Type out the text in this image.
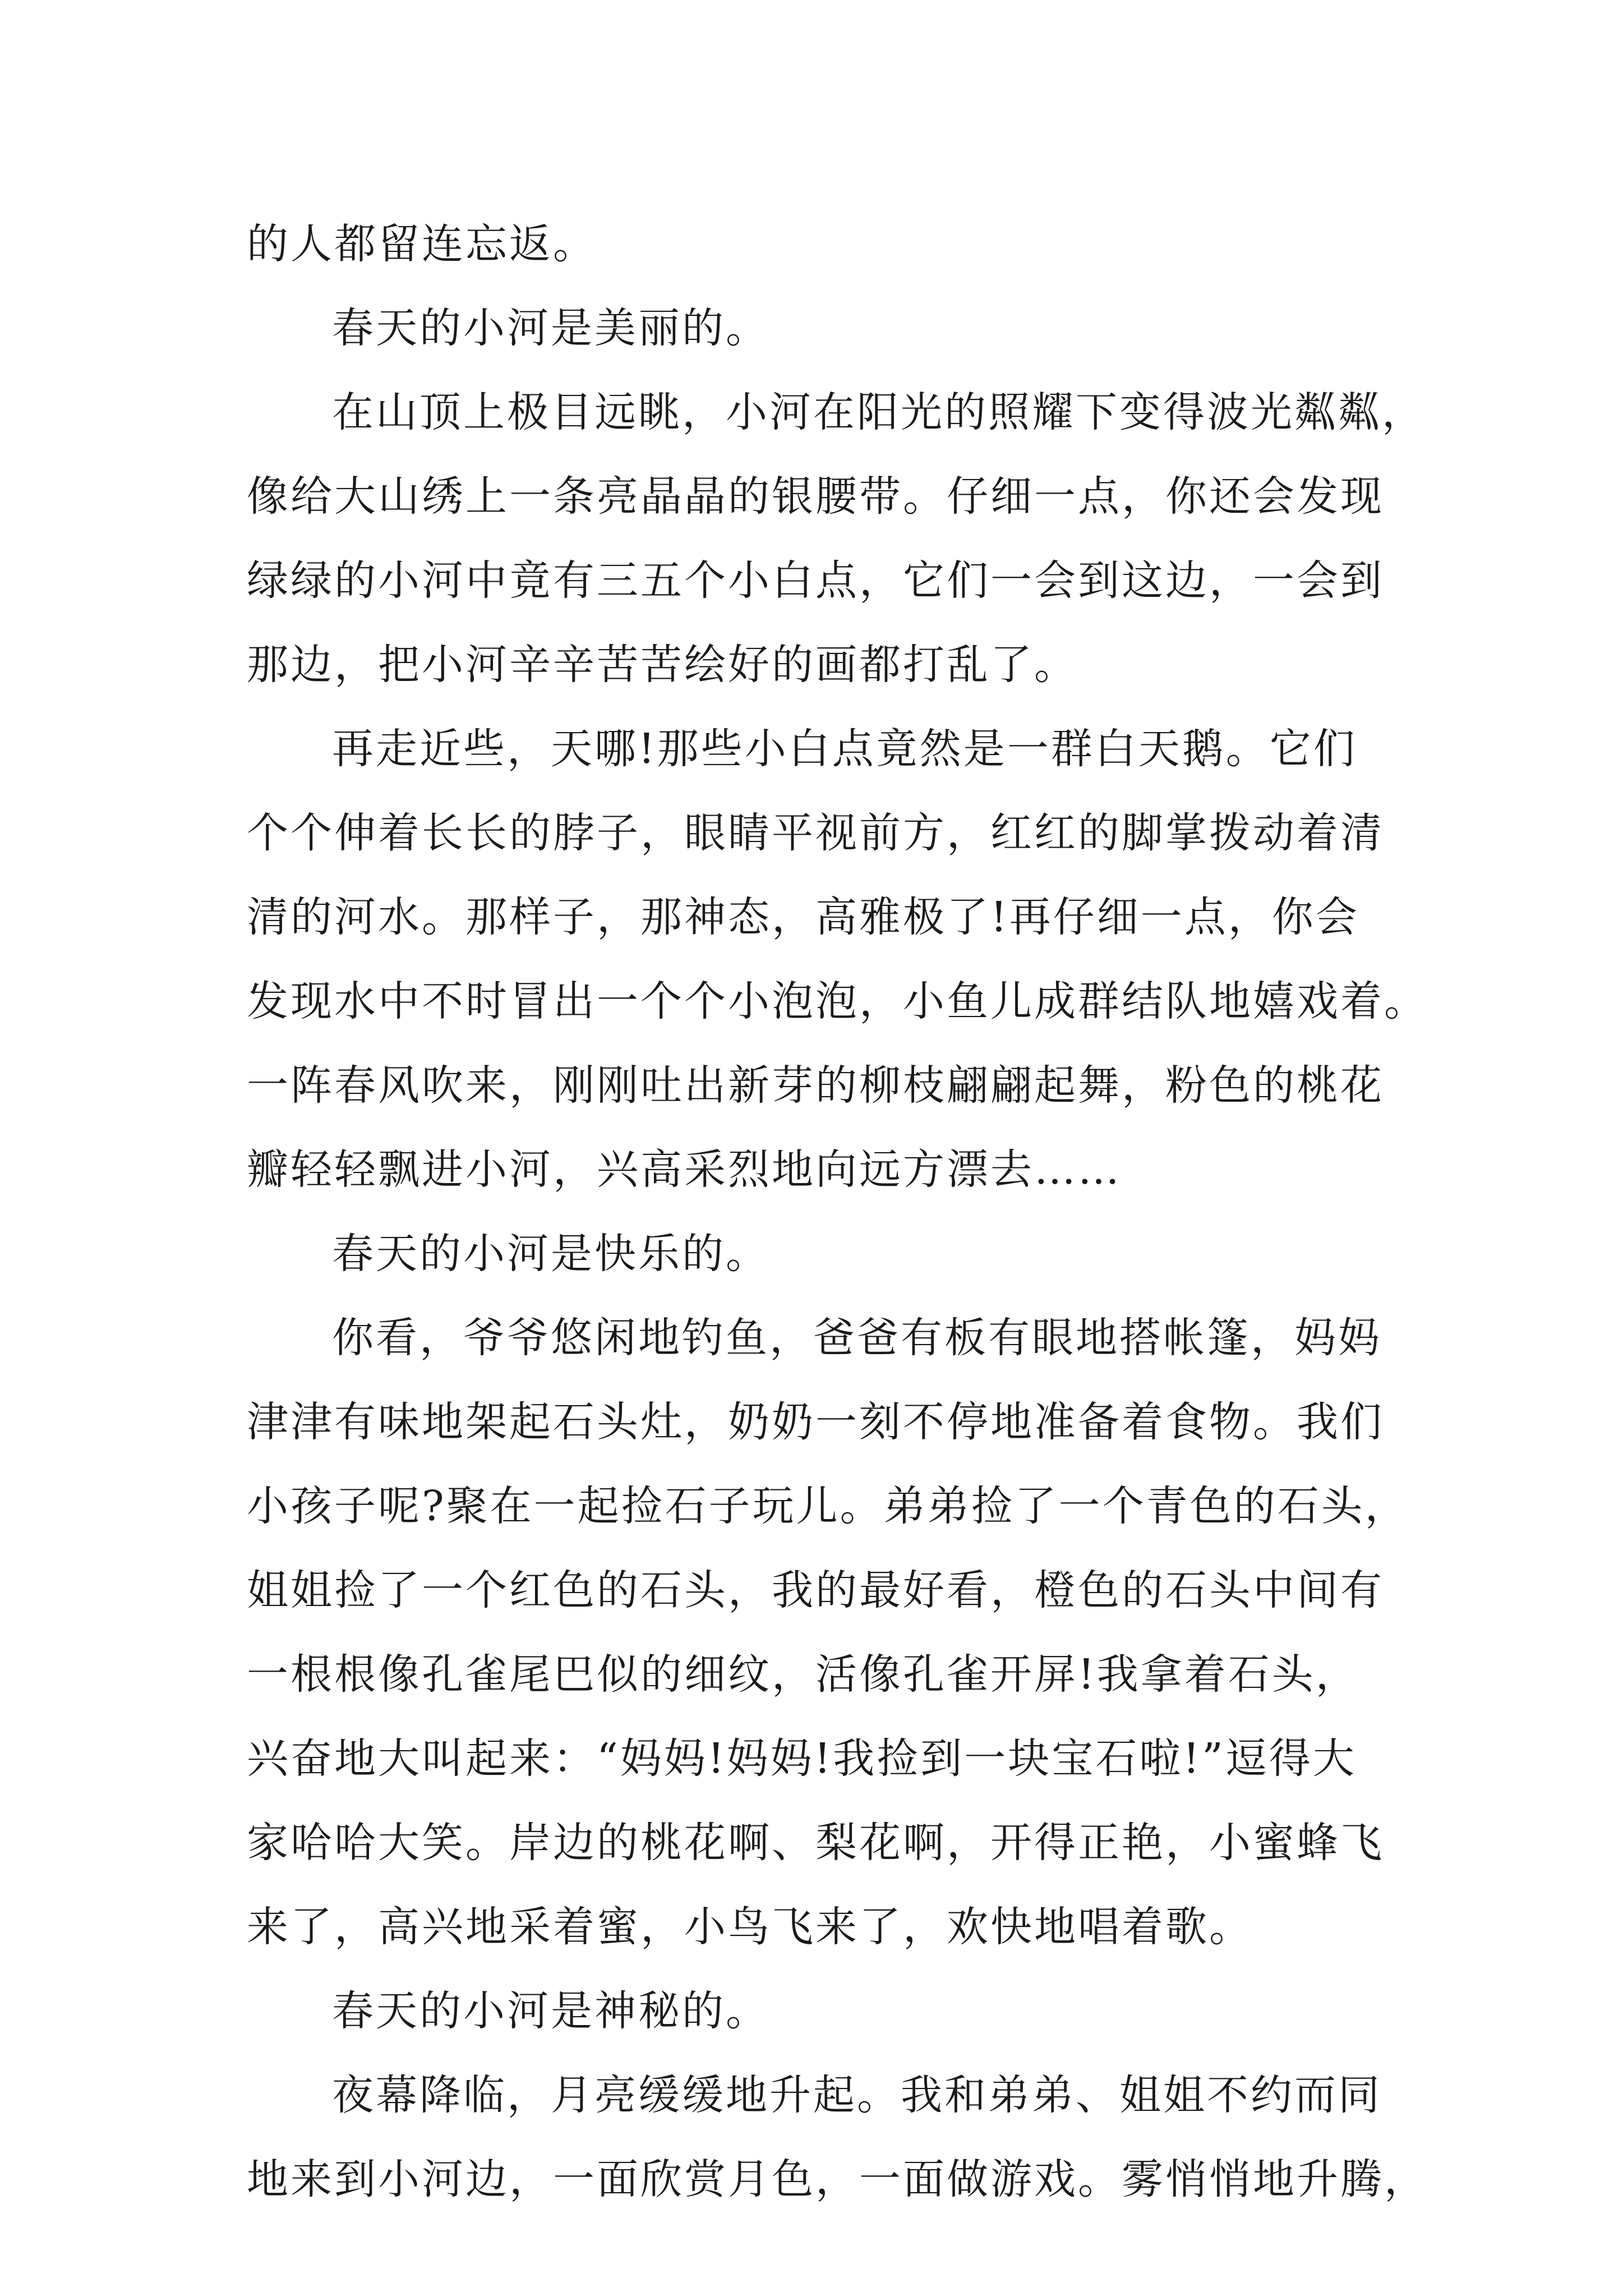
的人都留连忘返。
春天的小河是美丽的。
在山顶上极目远眺，小河在阳光的照耀下变得波光粼粼，
像给大山绣上一条亮晶晶的银腰带。仔细一点，你还会发现
绿绿的小河中竟有三五个小白点，它们一会到这边，一会到
那边，把小河辛辛苦苦绘好的画都打乱了。
再走近些，天哪!那些小白点竟然是一群白天鹅。它们
个个伸着长长的脖子，眼睛平视前方，红红的脚掌拨动着清
清的河水。那样子，那神态，高雅极了!再仔细一点，你会
发现水中不时冒出一个个小泡泡，小鱼儿成群结队地嬉戏着。
一阵春风吹来，刚刚吐出新芽的柳枝翩翩起舞，粉色的桃花
瓣轻轻飘进小河，兴高采烈地向远方漂去……
春天的小河是快乐的。
你看，爷爷悠闲地钓鱼，爸爸有板有眼地搭帐篷，妈妈
津津有味地架起石头灶，奶奶一刻不停地准备着食物。我们
小孩子呢?聚在一起捡石子玩儿。弟弟捡了一个青色的石头，
姐姐捡了一个红色的石头，我的最好看，橙色的石头中间有
一根根像孔雀尾巴似的细纹，活像孔雀开屏!我拿着石头，
兴奋地大叫起来：“妈妈!妈妈!我捡到一块宝石啦!”逗得大
家哈哈大笑。岸边的桃花啊、梨花啊，开得正艳，小蜜蜂飞
来了，高兴地采着蜜，小鸟飞来了，欢快地唱着歌。
春天的小河是神秘的。
夜幕降临，月亮缓缓地升起。我和弟弟、姐姐不约而同
地来到小河边，一面欣赏月色，一面做游戏。雾悄悄地升腾，
